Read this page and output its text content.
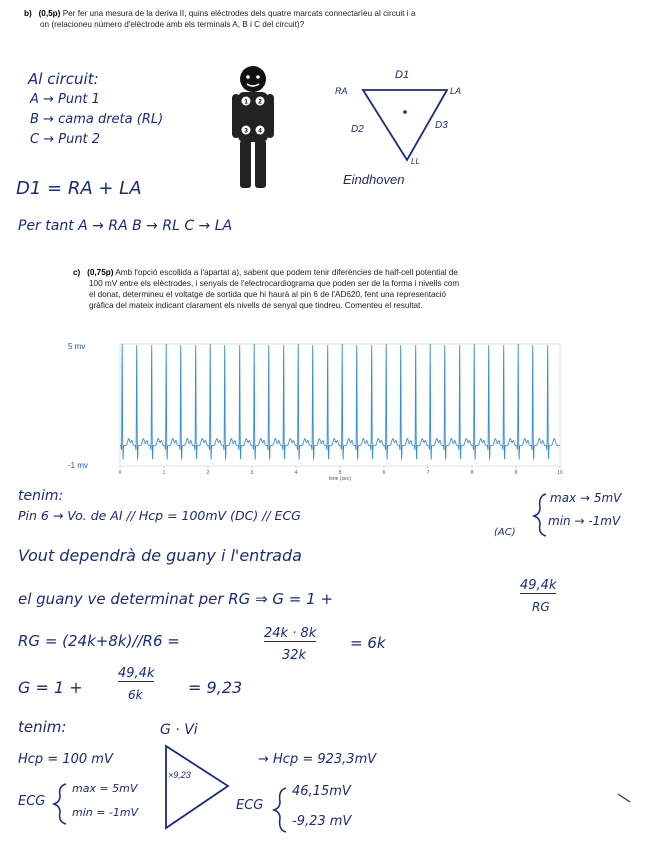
b) (0,5p) Per fer una mesura de la deriva II, quins elèctrodes dels quatre marcats connectaríeu al circuit i a
on (relacioneu número d'elèctrode amb els terminals A, B i C del circuit)?
Al circuit:
A → Punt 1
B → cama dreta (RL)
C → Punt 2
D1 = RA + LA
Per tant A → RA B → RL C → LA
1 2
3 4
D1
RA	LA
D2	D3
LL
Eindhoven
c) (0,75p) Amb l'opció escollida a l'apartat a), sabent que podem tenir diferències de half-cell potential de
100 mV entre els elèctrodes, i senyals de l'electrocardiograma que poden ser de la forma i nivells com
el donat, determineu el voltatge de sortida que hi haurà al pin 6 de l'AD620, fent una representació
gràfica del mateix indicant clarament els nivells de senyal que tindreu. Comenteu el resultat.
5 mv
-1 mv
0	1	2	3	4	5	6	7	8	9	10
time (sec)
tenim:
Pin 6 → Vo. de AI // Hcp = 100mV (DC) // ECG
(AC)
max → 5mV
min → -1mV
Vout dependrà de guany i l'entrada
el guany ve determinat per RG ⇒ G = 1 +
49,4k
RG
RG = (24k+8k)//R6 =	24k · 8k
32k
= 6k
G = 1 +
49,4k
6k	= 9,23
tenim:	G · Vi
Hcp = 100 mV
ECG
max = 5mV
min = -1mV
×9,23
→ Hcp = 923,3mV
ECG
46,15mV
-9,23 mV
